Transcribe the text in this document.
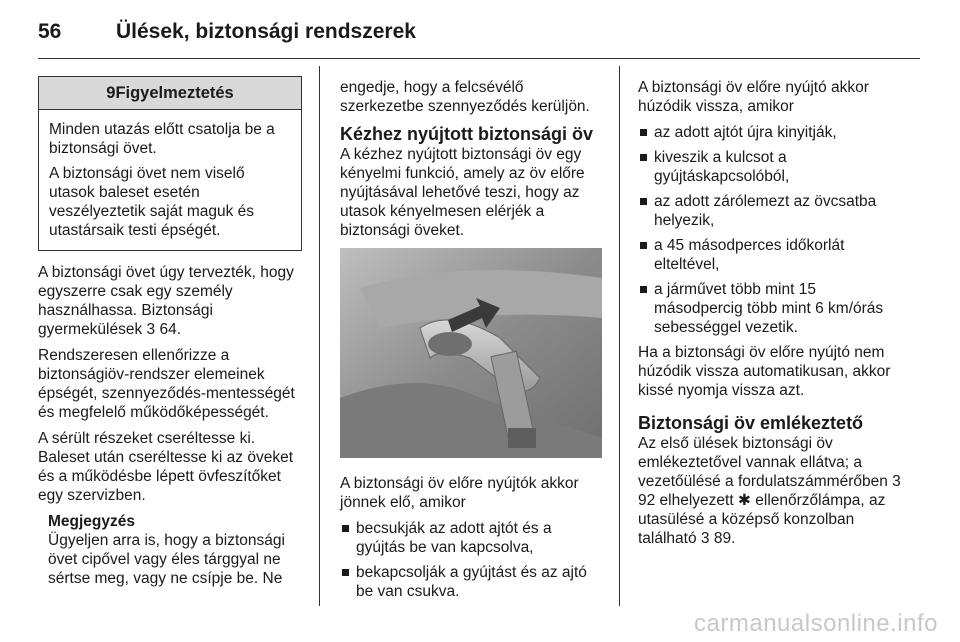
56	Ülések, biztonsági rendszerek
9Figyelmeztetés

Minden utazás előtt csatolja be a biztonsági övet.

A biztonsági övet nem viselő utasok baleset esetén veszélyeztetik saját maguk és utastársaik testi épségét.

A biztonsági övet úgy tervezték, hogy egyszerre csak egy személy használhassa. Biztonsági gyermekülések 3 64.

Rendszeresen ellenőrizze a biztonságiöv-rendszer elemeinek épségét, szennyeződés-mentességét és megfelelő működőképességét.

A sérült részeket cseréltesse ki. Baleset után cseréltesse ki az öveket és a működésbe lépett övfeszítőket egy szervizben.

Megjegyzés
Ügyeljen arra is, hogy a biztonsági övet cipővel vagy éles tárggyal ne sértse meg, vagy ne csípje be. Ne

engedje, hogy a felcsévélő szerkezetbe szennyeződés kerüljön.

Kézhez nyújtott biztonsági öv

A kézhez nyújtott biztonsági öv egy kényelmi funkció, amely az öv előre nyújtásával lehetővé teszi, hogy az utasok kényelmesen elérjék a biztonsági öveket.

A biztonsági öv előre nyújtók akkor jönnek elő, amikor

becsukják az adott ajtót és a gyújtás be van kapcsolva,
bekapcsolják a gyújtást és az ajtó be van csukva.

A biztonsági öv előre nyújtó akkor húzódik vissza, amikor

az adott ajtót újra kinyitják,
kiveszik a kulcsot a gyújtáskapcsolóból,
az adott zárólemezt az övcsatba helyezik,
a 45 másodperces időkorlát elteltével,
a járművet több mint 15 másodpercig több mint 6 km/órás sebességgel vezetik.

Ha a biztonsági öv előre nyújtó nem húzódik vissza automatikusan, akkor kissé nyomja vissza azt.

Biztonsági öv emlékeztető

Az első ülések biztonsági öv emlékeztetővel vannak ellátva; a vezetőülésé a fordulatszámmérőben 3 92 elhelyezett ✱ ellenőrzőlámpa, az utasülésé a középső konzolban található 3 89.

carmanualsonline.info
